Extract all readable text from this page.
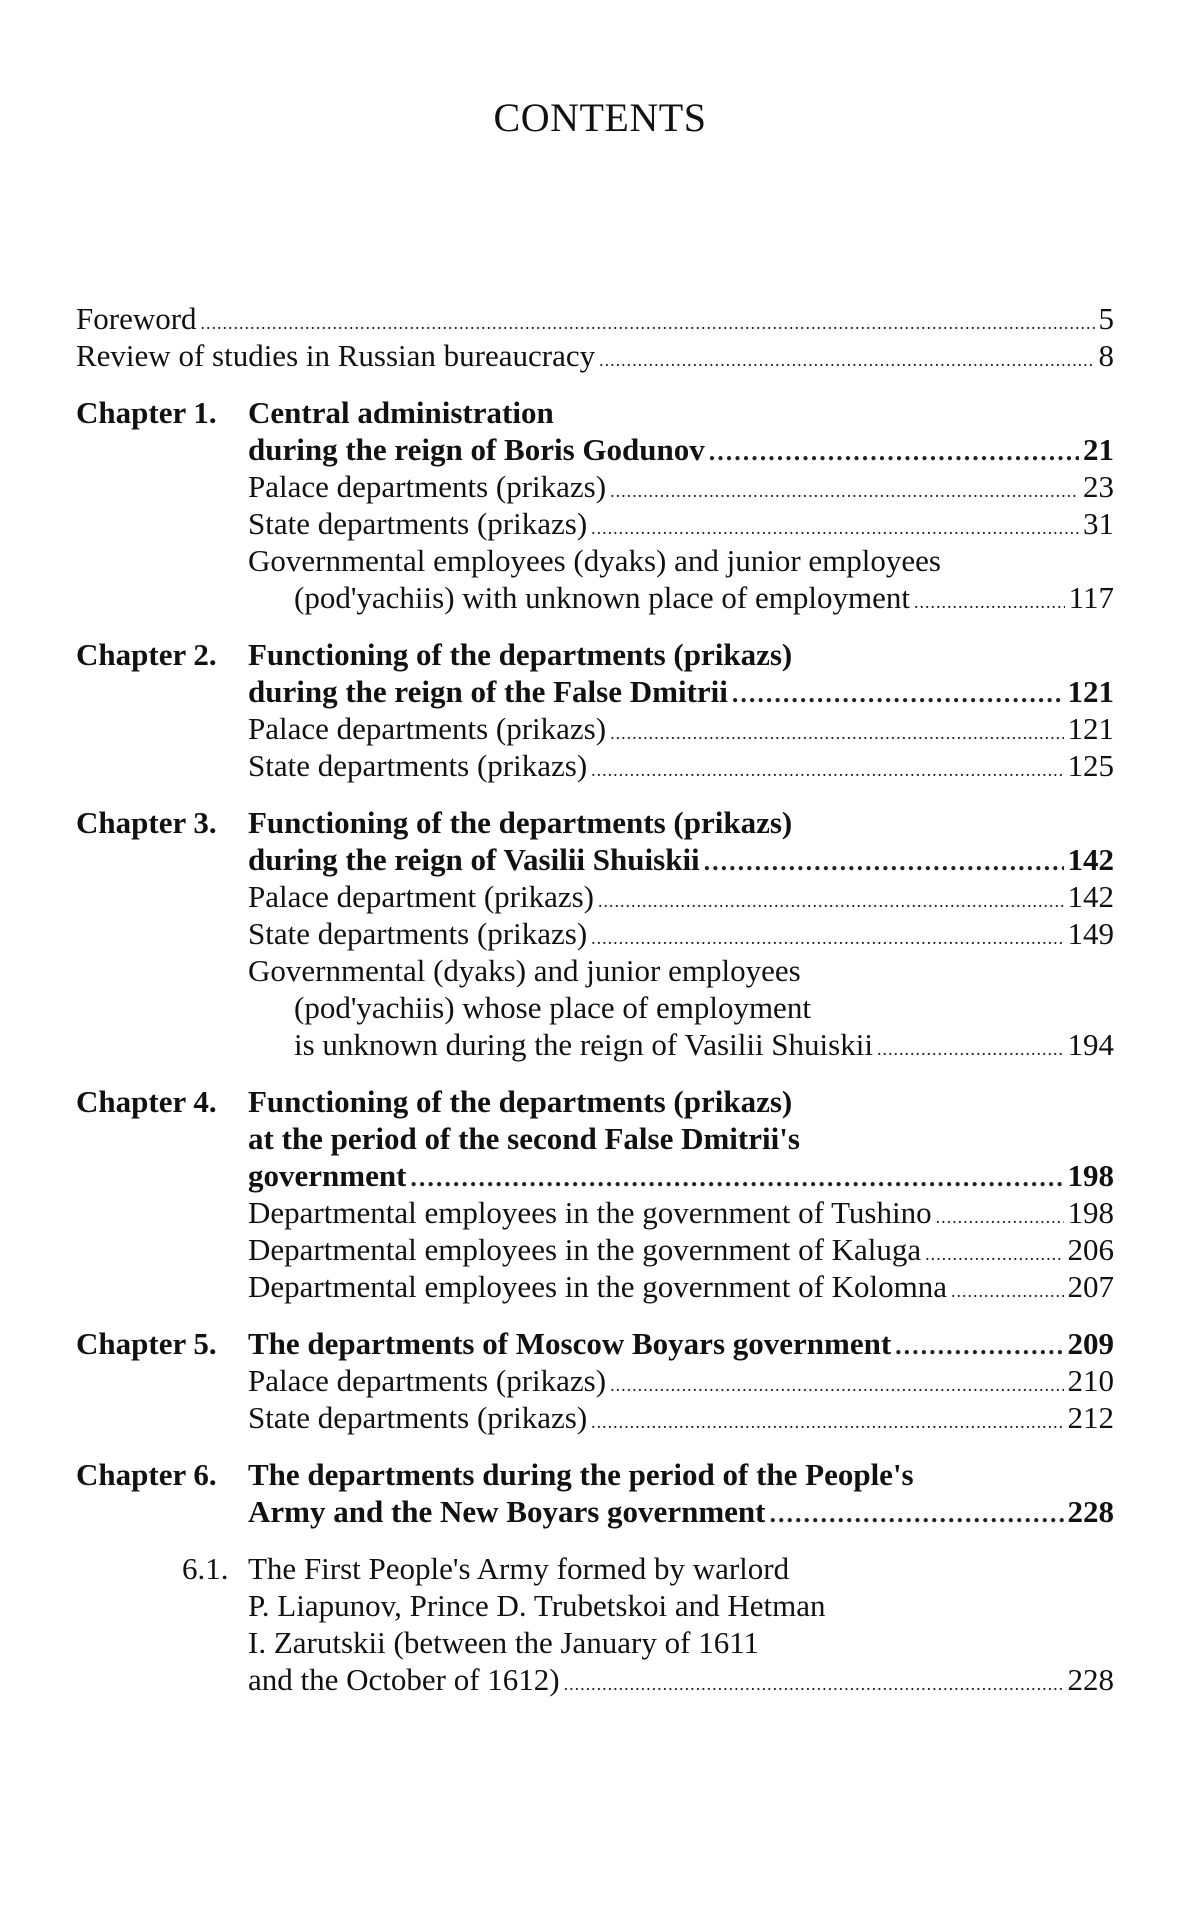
CONTENTS
Foreword .....	5
Review of studies in Russian bureaucracy .....	8
Chapter 1. Central administration
during the reign of Boris Godunov .....	21
Palace departments (prikazs) .....	23
State departments (prikazs) .....	31
Governmental employees (dyaks) and junior employees
(pod'yachiis) with unknown place of employment .....	117
Chapter 2. Functioning of the departments (prikazs)
during the reign of the False Dmitrii .....	121
Palace departments (prikazs) .....	121
State departments (prikazs) .....	125
Chapter 3. Functioning of the departments (prikazs)
during the reign of Vasilii Shuiskii .....	142
Palace department (prikazs) .....	142
State departments (prikazs) .....	149
Governmental (dyaks) and junior employees
(pod'yachiis) whose place of employment
is unknown during the reign of Vasilii Shuiskii .....	194
Chapter 4. Functioning of the departments (prikazs)
at the period of the second False Dmitrii's
government .....	198
Departmental employees in the government of Tushino .....	198
Departmental employees in the government of Kaluga .....	206
Departmental employees in the government of Kolomna .....	207
Chapter 5. The departments of Moscow Boyars government .....	209
Palace departments (prikazs) .....	210
State departments (prikazs) .....	212
Chapter 6. The departments during the period of the People's
Army and the New Boyars government .....	228
6.1. The First People's Army formed by warlord
P. Liapunov, Prince D. Trubetskoi and Hetman
I. Zarutskii (between the January of 1611
and the October of 1612) .....	228
